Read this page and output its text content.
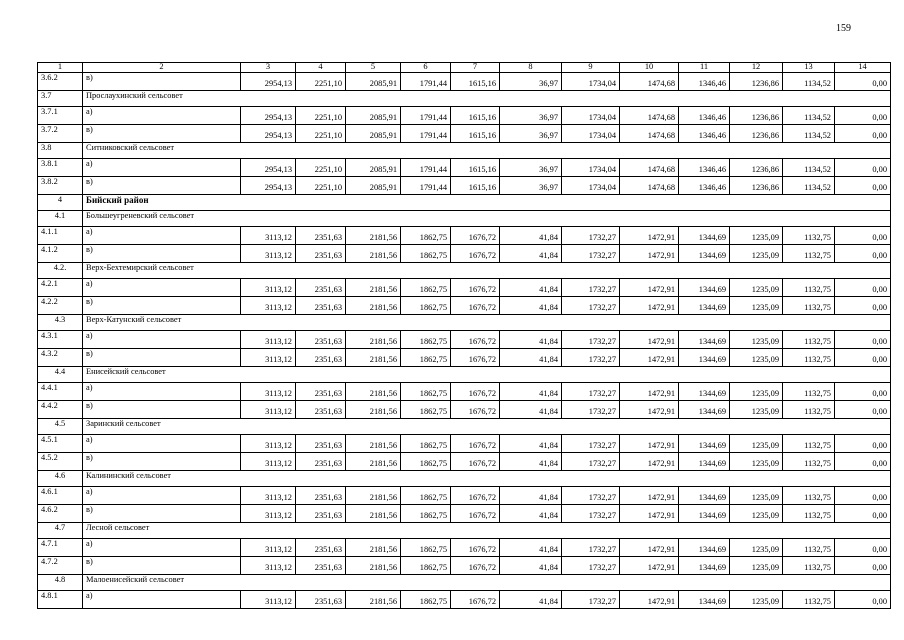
159
1	2	3	4	5	6	7	8	9	10	11	12	13	14
3.6.2	в)	2954,13	2251,10	2085,91	1791,44	1615,16	36,97	1734,04	1474,68	1346,46	1236,86	1134,52	0,00
3.7	Прослаухинский сельсовет												
3.7.1	а)	2954,13	2251,10	2085,91	1791,44	1615,16	36,97	1734,04	1474,68	1346,46	1236,86	1134,52	0,00
3.7.2	в)	2954,13	2251,10	2085,91	1791,44	1615,16	36,97	1734,04	1474,68	1346,46	1236,86	1134,52	0,00
3.8	Ситниковский сельсовет												
3.8.1	а)	2954,13	2251,10	2085,91	1791,44	1615,16	36,97	1734,04	1474,68	1346,46	1236,86	1134,52	0,00
3.8.2	в)	2954,13	2251,10	2085,91	1791,44	1615,16	36,97	1734,04	1474,68	1346,46	1236,86	1134,52	0,00
4	Бийский район												
4.1	Большеугреневский сельсовет												
4.1.1	а)	3113,12	2351,63	2181,56	1862,75	1676,72	41,84	1732,27	1472,91	1344,69	1235,09	1132,75	0,00
4.1.2	в)	3113,12	2351,63	2181,56	1862,75	1676,72	41,84	1732,27	1472,91	1344,69	1235,09	1132,75	0,00
4.2.	Верх-Бехтемирский сельсовет												
4.2.1	а)	3113,12	2351,63	2181,56	1862,75	1676,72	41,84	1732,27	1472,91	1344,69	1235,09	1132,75	0,00
4.2.2	в)	3113,12	2351,63	2181,56	1862,75	1676,72	41,84	1732,27	1472,91	1344,69	1235,09	1132,75	0,00
4.3	Верх-Катунский сельсовет												
4.3.1	а)	3113,12	2351,63	2181,56	1862,75	1676,72	41,84	1732,27	1472,91	1344,69	1235,09	1132,75	0,00
4.3.2	в)	3113,12	2351,63	2181,56	1862,75	1676,72	41,84	1732,27	1472,91	1344,69	1235,09	1132,75	0,00
4.4	Енисейский сельсовет												
4.4.1	а)	3113,12	2351,63	2181,56	1862,75	1676,72	41,84	1732,27	1472,91	1344,69	1235,09	1132,75	0,00
4.4.2	в)	3113,12	2351,63	2181,56	1862,75	1676,72	41,84	1732,27	1472,91	1344,69	1235,09	1132,75	0,00
4.5	Заринский сельсовет												
4.5.1	а)	3113,12	2351,63	2181,56	1862,75	1676,72	41,84	1732,27	1472,91	1344,69	1235,09	1132,75	0,00
4.5.2	в)	3113,12	2351,63	2181,56	1862,75	1676,72	41,84	1732,27	1472,91	1344,69	1235,09	1132,75	0,00
4.6	Калининский сельсовет												
4.6.1	а)	3113,12	2351,63	2181,56	1862,75	1676,72	41,84	1732,27	1472,91	1344,69	1235,09	1132,75	0,00
4.6.2	в)	3113,12	2351,63	2181,56	1862,75	1676,72	41,84	1732,27	1472,91	1344,69	1235,09	1132,75	0,00
4.7	Лесной сельсовет												
4.7.1	а)	3113,12	2351,63	2181,56	1862,75	1676,72	41,84	1732,27	1472,91	1344,69	1235,09	1132,75	0,00
4.7.2	в)	3113,12	2351,63	2181,56	1862,75	1676,72	41,84	1732,27	1472,91	1344,69	1235,09	1132,75	0,00
4.8	Малоенисейский сельсовет												
4.8.1	а)	3113,12	2351,63	2181,56	1862,75	1676,72	41,84	1732,27	1472,91	1344,69	1235,09	1132,75	0,00
